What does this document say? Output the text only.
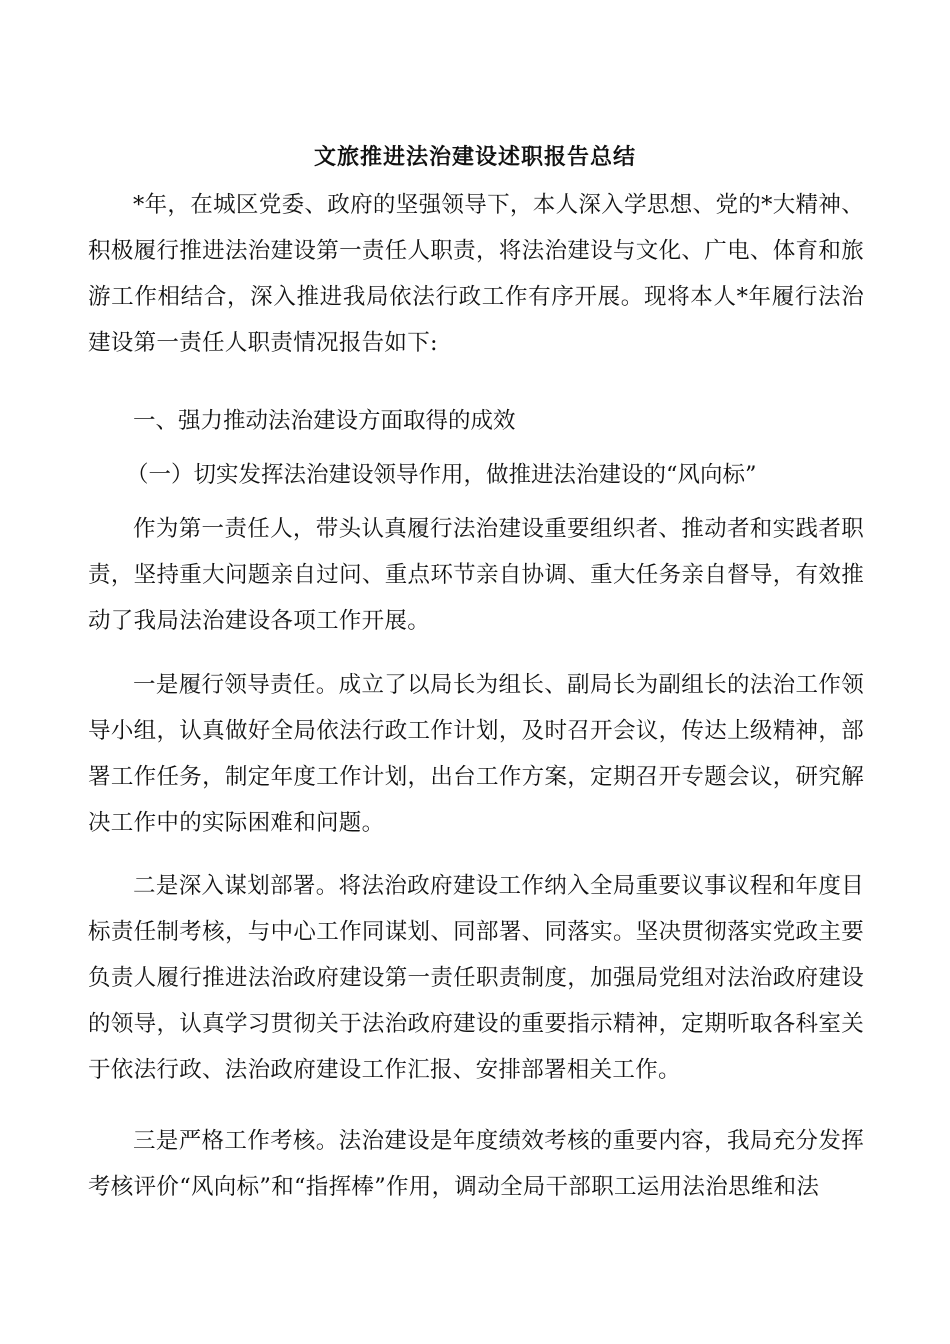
文旅推进法治建设述职报告总结

*年，在城区党委、政府的坚强领导下，本人深入学思想、党的*大精神、积极履行推进法治建设第一责任人职责，将法治建设与文化、广电、体育和旅游工作相结合，深入推进我局依法行政工作有序开展。现将本人*年履行法治建设第一责任人职责情况报告如下:

一、强力推动法治建设方面取得的成效

（一）切实发挥法治建设领导作用，做推进法治建设的“风向标”

作为第一责任人，带头认真履行法治建设重要组织者、推动者和实践者职责，坚持重大问题亲自过问、重点环节亲自协调、重大任务亲自督导，有效推动了我局法治建设各项工作开展。

一是履行领导责任。成立了以局长为组长、副局长为副组长的法治工作领导小组，认真做好全局依法行政工作计划，及时召开会议，传达上级精神，部署工作任务，制定年度工作计划，出台工作方案，定期召开专题会议，研究解决工作中的实际困难和问题。

二是深入谋划部署。将法治政府建设工作纳入全局重要议事议程和年度目标责任制考核，与中心工作同谋划、同部署、同落实。坚决贯彻落实党政主要负责人履行推进法治政府建设第一责任职责制度，加强局党组对法治政府建设的领导，认真学习贯彻关于法治政府建设的重要指示精神，定期听取各科室关于依法行政、法治政府建设工作汇报、安排部署相关工作。

三是严格工作考核。法治建设是年度绩效考核的重要内容，我局充分发挥考核评价“风向标”和“指挥棒”作用，调动全局干部职工运用法治思维和法
